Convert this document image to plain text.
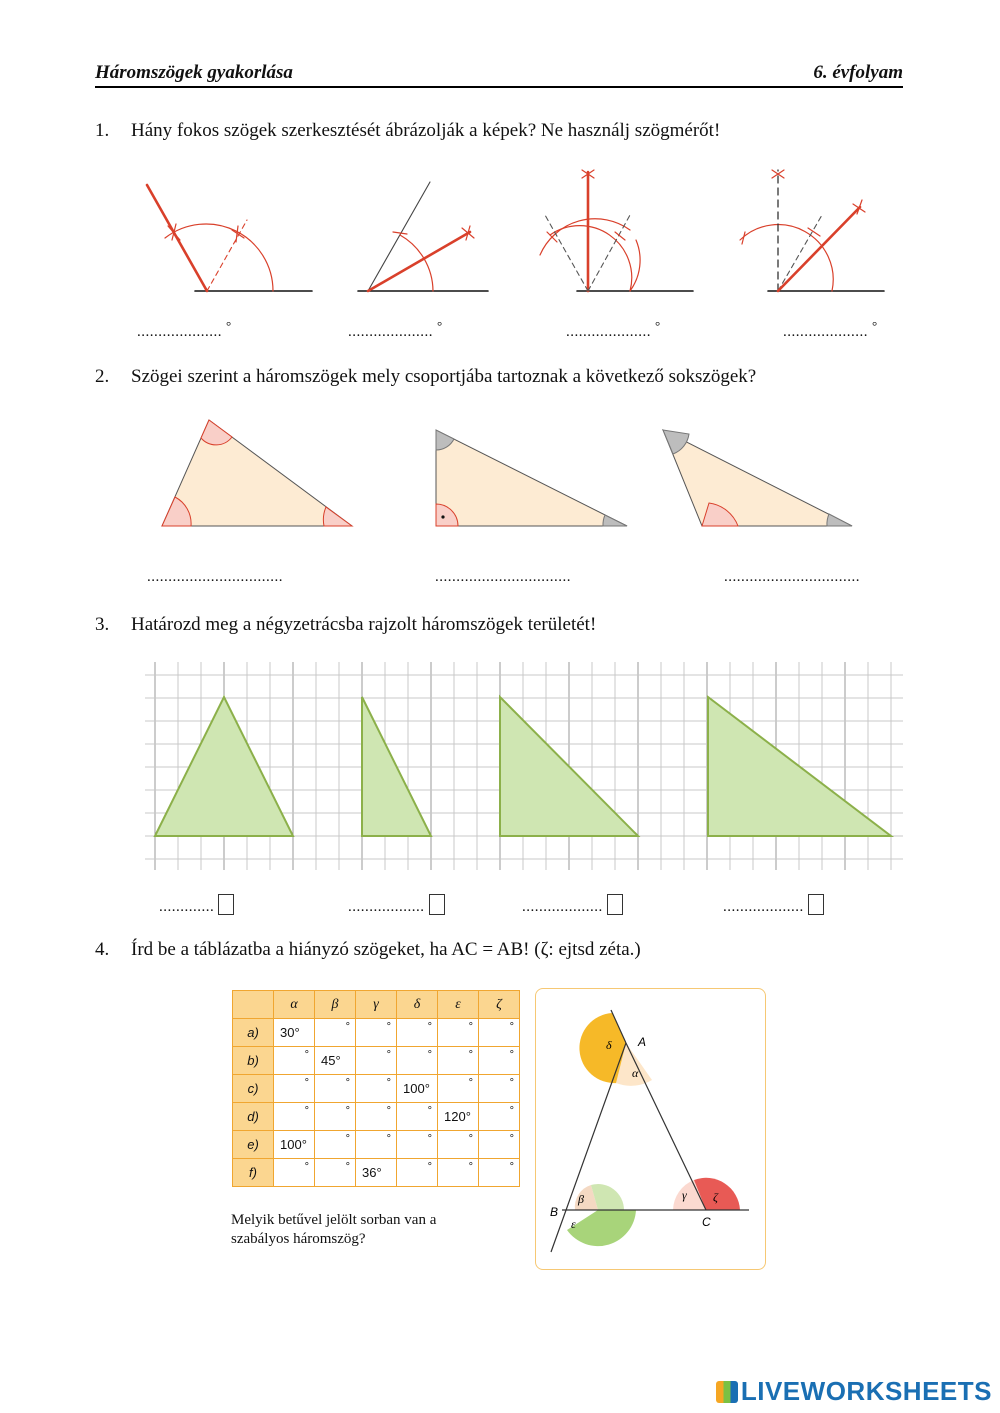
Háromszögek gyakorlása	6. évfolyam
1. Hány fokos szögek szerkesztését ábrázolják a képek? Ne használj szögmérőt!
.................... °	.................... °	.................... °	.................... °
2. Szögei szerint a háromszögek mely csoportjába tartoznak a következő sokszögek?
................................	................................	................................
3. Határozd meg a négyzetrácsba rajzolt háromszögek területét!
.............	..................	...................	...................
4. Írd be a táblázatba a hiányzó szögeket, ha AC = AB! (ζ: ejtsd zéta.)
	α	β	γ	δ	ε	ζ
a)	30°	°	°	°	°	°

b)	°	45°	°	°	°	°

c)	°	°	°	100°	°	°

d)	°	°	°	°	120°	°

e)	100°	°	°	°	°	°

f)	°	°	36°	°	°	°
Melyik betűvel jelölt sorban van a
szabályos háromszög?
A
B
C
α
δ
β
ε
γ ζ
LIVEWORKSHEETS
